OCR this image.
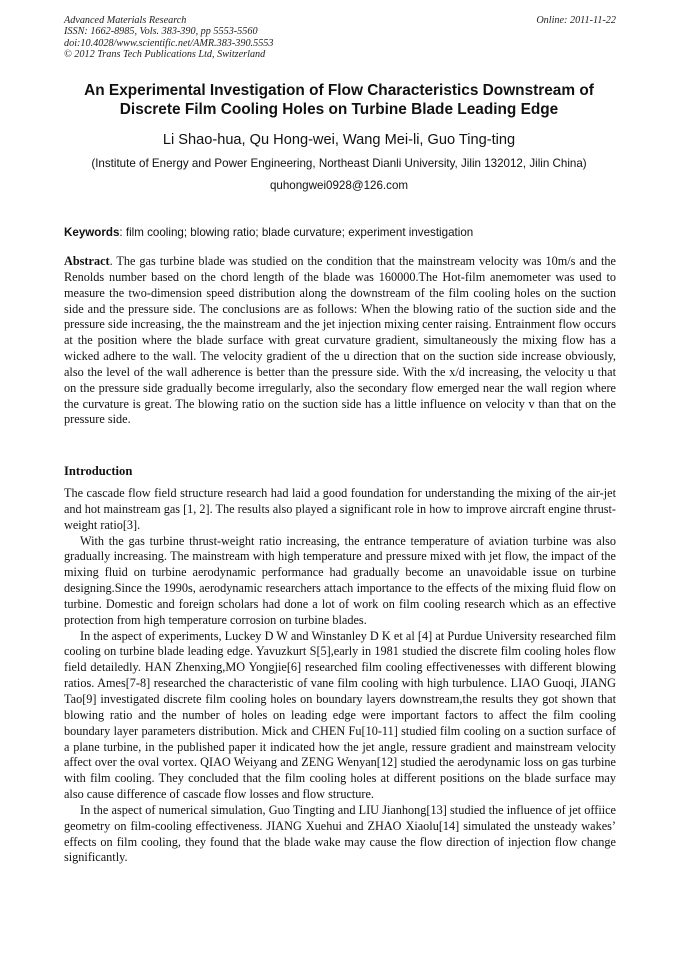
Advanced Materials Research
ISSN: 1662-8985, Vols. 383-390, pp 5553-5560
doi:10.4028/www.scientific.net/AMR.383-390.5553
© 2012 Trans Tech Publications Ltd, Switzerland
Online: 2011-11-22
An Experimental Investigation of Flow Characteristics Downstream of Discrete Film Cooling Holes on Turbine Blade Leading Edge
Li Shao-hua, Qu Hong-wei, Wang Mei-li, Guo Ting-ting
(Institute of Energy and Power Engineering, Northeast Dianli University, Jilin 132012, Jilin China)
quhongwei0928@126.com
Keywords: film cooling; blowing ratio; blade curvature; experiment investigation

Abstract. The gas turbine blade was studied on the condition that the mainstream velocity was 10m/s and the Renolds number based on the chord length of the blade was 160000.The Hot-film anemometer was used to measure the two-dimension speed distribution along the downstream of the film cooling holes on the suction side and the pressure side. The conclusions are as follows: When the blowing ratio of the suction side and the pressure side increasing, the the mainstream and the jet injection mixing center raising. Entrainment flow occurs at the position where the blade surface with great curvature gradient, simultaneously the mixing flow has a wicked adhere to the wall. The velocity gradient of the u direction that on the suction side increase obviously, also the level of the wall adherence is better than the pressure side. With the x/d increasing, the velocity u that on the pressure side gradually become irregularly, also the secondary flow emerged near the wall region where the curvature is great. The blowing ratio on the suction side has a little influence on velocity v than that on the pressure side.

Introduction

The cascade flow field structure research had laid a good foundation for understanding the mixing of the air-jet and hot mainstream gas [1, 2]. The results also played a significant role in how to improve aircraft engine thrust-weight ratio[3].

With the gas turbine thrust-weight ratio increasing, the entrance temperature of aviation turbine was also gradually increasing. The mainstream with high temperature and pressure mixed with jet flow, the impact of the mixing fluid on turbine aerodynamic performance had gradually become an unavoidable issue on turbine designing.Since the 1990s, aerodynamic researchers attach importance to the effects of the mixing fluid flow on turbine. Domestic and foreign scholars had done a lot of work on film cooling research which as an effective protection from high temperature corrosion on turbine blades.

In the aspect of experiments, Luckey D W and Winstanley D K et al [4] at Purdue University researched film cooling on turbine blade leading edge. Yavuzkurt S[5],early in 1981 studied the discrete film cooling holes flow field detailedly. HAN Zhenxing,MO Yongjie[6] researched film cooling effectivenesses with different blowing ratios. Ames[7-8] researched the characteristic of vane film cooling with high turbulence. LIAO Guoqi, JIANG Tao[9] investigated discrete film cooling holes on boundary layers downstream,the results they got shown that blowing ratio and the number of holes on leading edge were important factors to affect the film cooling boundary layer parameters distribution. Mick and CHEN Fu[10-11] studied film cooling on a suction surface of a plane turbine, in the published paper it indicated how the jet angle, ressure gradient and mainstream velocity affect over the oval vortex. QIAO Weiyang and ZENG Wenyan[12] studied the aerodynamic loss on gas turbine with film cooling. They concluded that the film cooling holes at different positions on the blade surface may also cause difference of cascade flow losses and flow structure.

In the aspect of numerical simulation, Guo Tingting and LIU Jianhong[13] studied the influence of jet offiice geometry on film-cooling effectiveness. JIANG Xuehui and ZHAO Xiaolu[14] simulated the unsteady wakes’ effects on film cooling, they found that the blade wake may cause the flow direction of injection flow change significantly.
